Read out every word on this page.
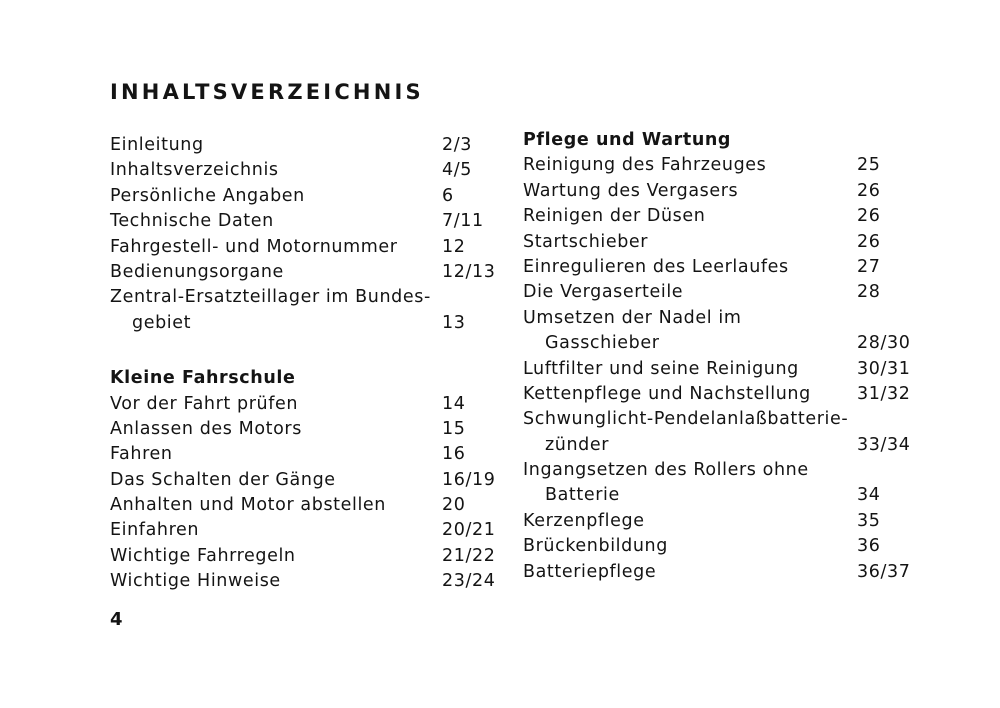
INHALTSVERZEICHNIS
Einleitung	2/3
Inhaltsverzeichnis	4/5
Persönliche Angaben	6
Technische Daten	7/11
Fahrgestell- und Motornummer	12
Bedienungsorgane	12/13
Zentral-Ersatzteillager im Bundes-
gebiet	13
Kleine Fahrschule
Vor der Fahrt prüfen	14
Anlassen des Motors	15
Fahren	16
Das Schalten der Gänge	16/19
Anhalten und Motor abstellen	20
Einfahren	20/21
Wichtige Fahrregeln	21/22
Wichtige Hinweise	23/24
Pflege und Wartung
Reinigung des Fahrzeuges	25
Wartung des Vergasers	26
Reinigen der Düsen	26
Startschieber	26
Einregulieren des Leerlaufes	27
Die Vergaserteile	28
Umsetzen der Nadel im
Gasschieber	28/30
Luftfilter und seine Reinigung	30/31
Kettenpflege und Nachstellung	31/32
Schwunglicht-Pendelanlaßbatterie-
zünder	33/34
Ingangsetzen des Rollers ohne
Batterie	34
Kerzenpflege	35
Brückenbildung	36
Batteriepflege	36/37
4
